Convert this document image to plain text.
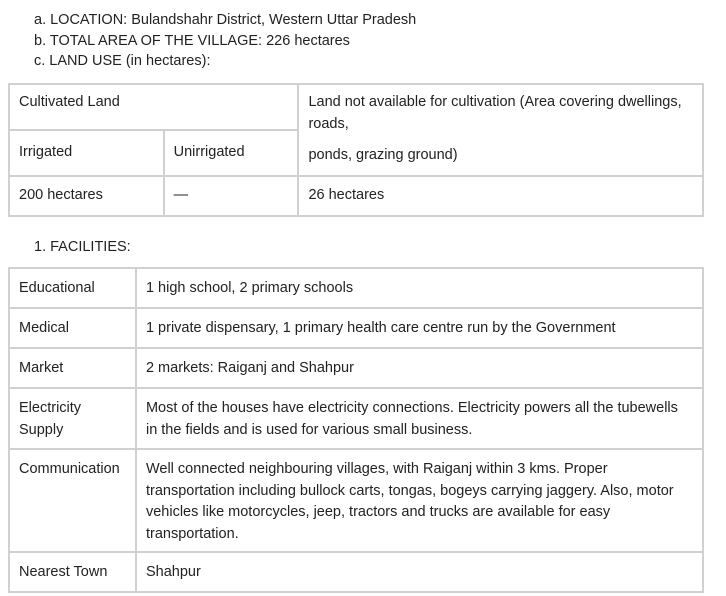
a. LOCATION: Bulandshahr District, Western Uttar Pradesh
b. TOTAL AREA OF THE VILLAGE: 226 hectares
c. LAND USE (in hectares):
Cultivated Land		Land not available for cultivation (Area covering dwellings, roads,
ponds, grazing ground)

Irrigated	Unirrigated	
200 hectares	—	26 hectares
1. FACILITIES:
Educational	1 high school, 2 primary schools
Medical	1 private dispensary, 1 primary health care centre run by the Government
Market	2 markets: Raiganj and Shahpur
Electricity Supply	Most of the houses have electricity connections. Electricity powers all the tubewells in the fields and is used for various small business.
Communication	Well connected neighbouring villages, with Raiganj within 3 kms. Proper transportation including bullock carts, tongas, bogeys carrying jaggery. Also, motor vehicles like motorcycles, jeep, tractors and trucks are available for easy transportation.
Nearest Town	Shahpur
